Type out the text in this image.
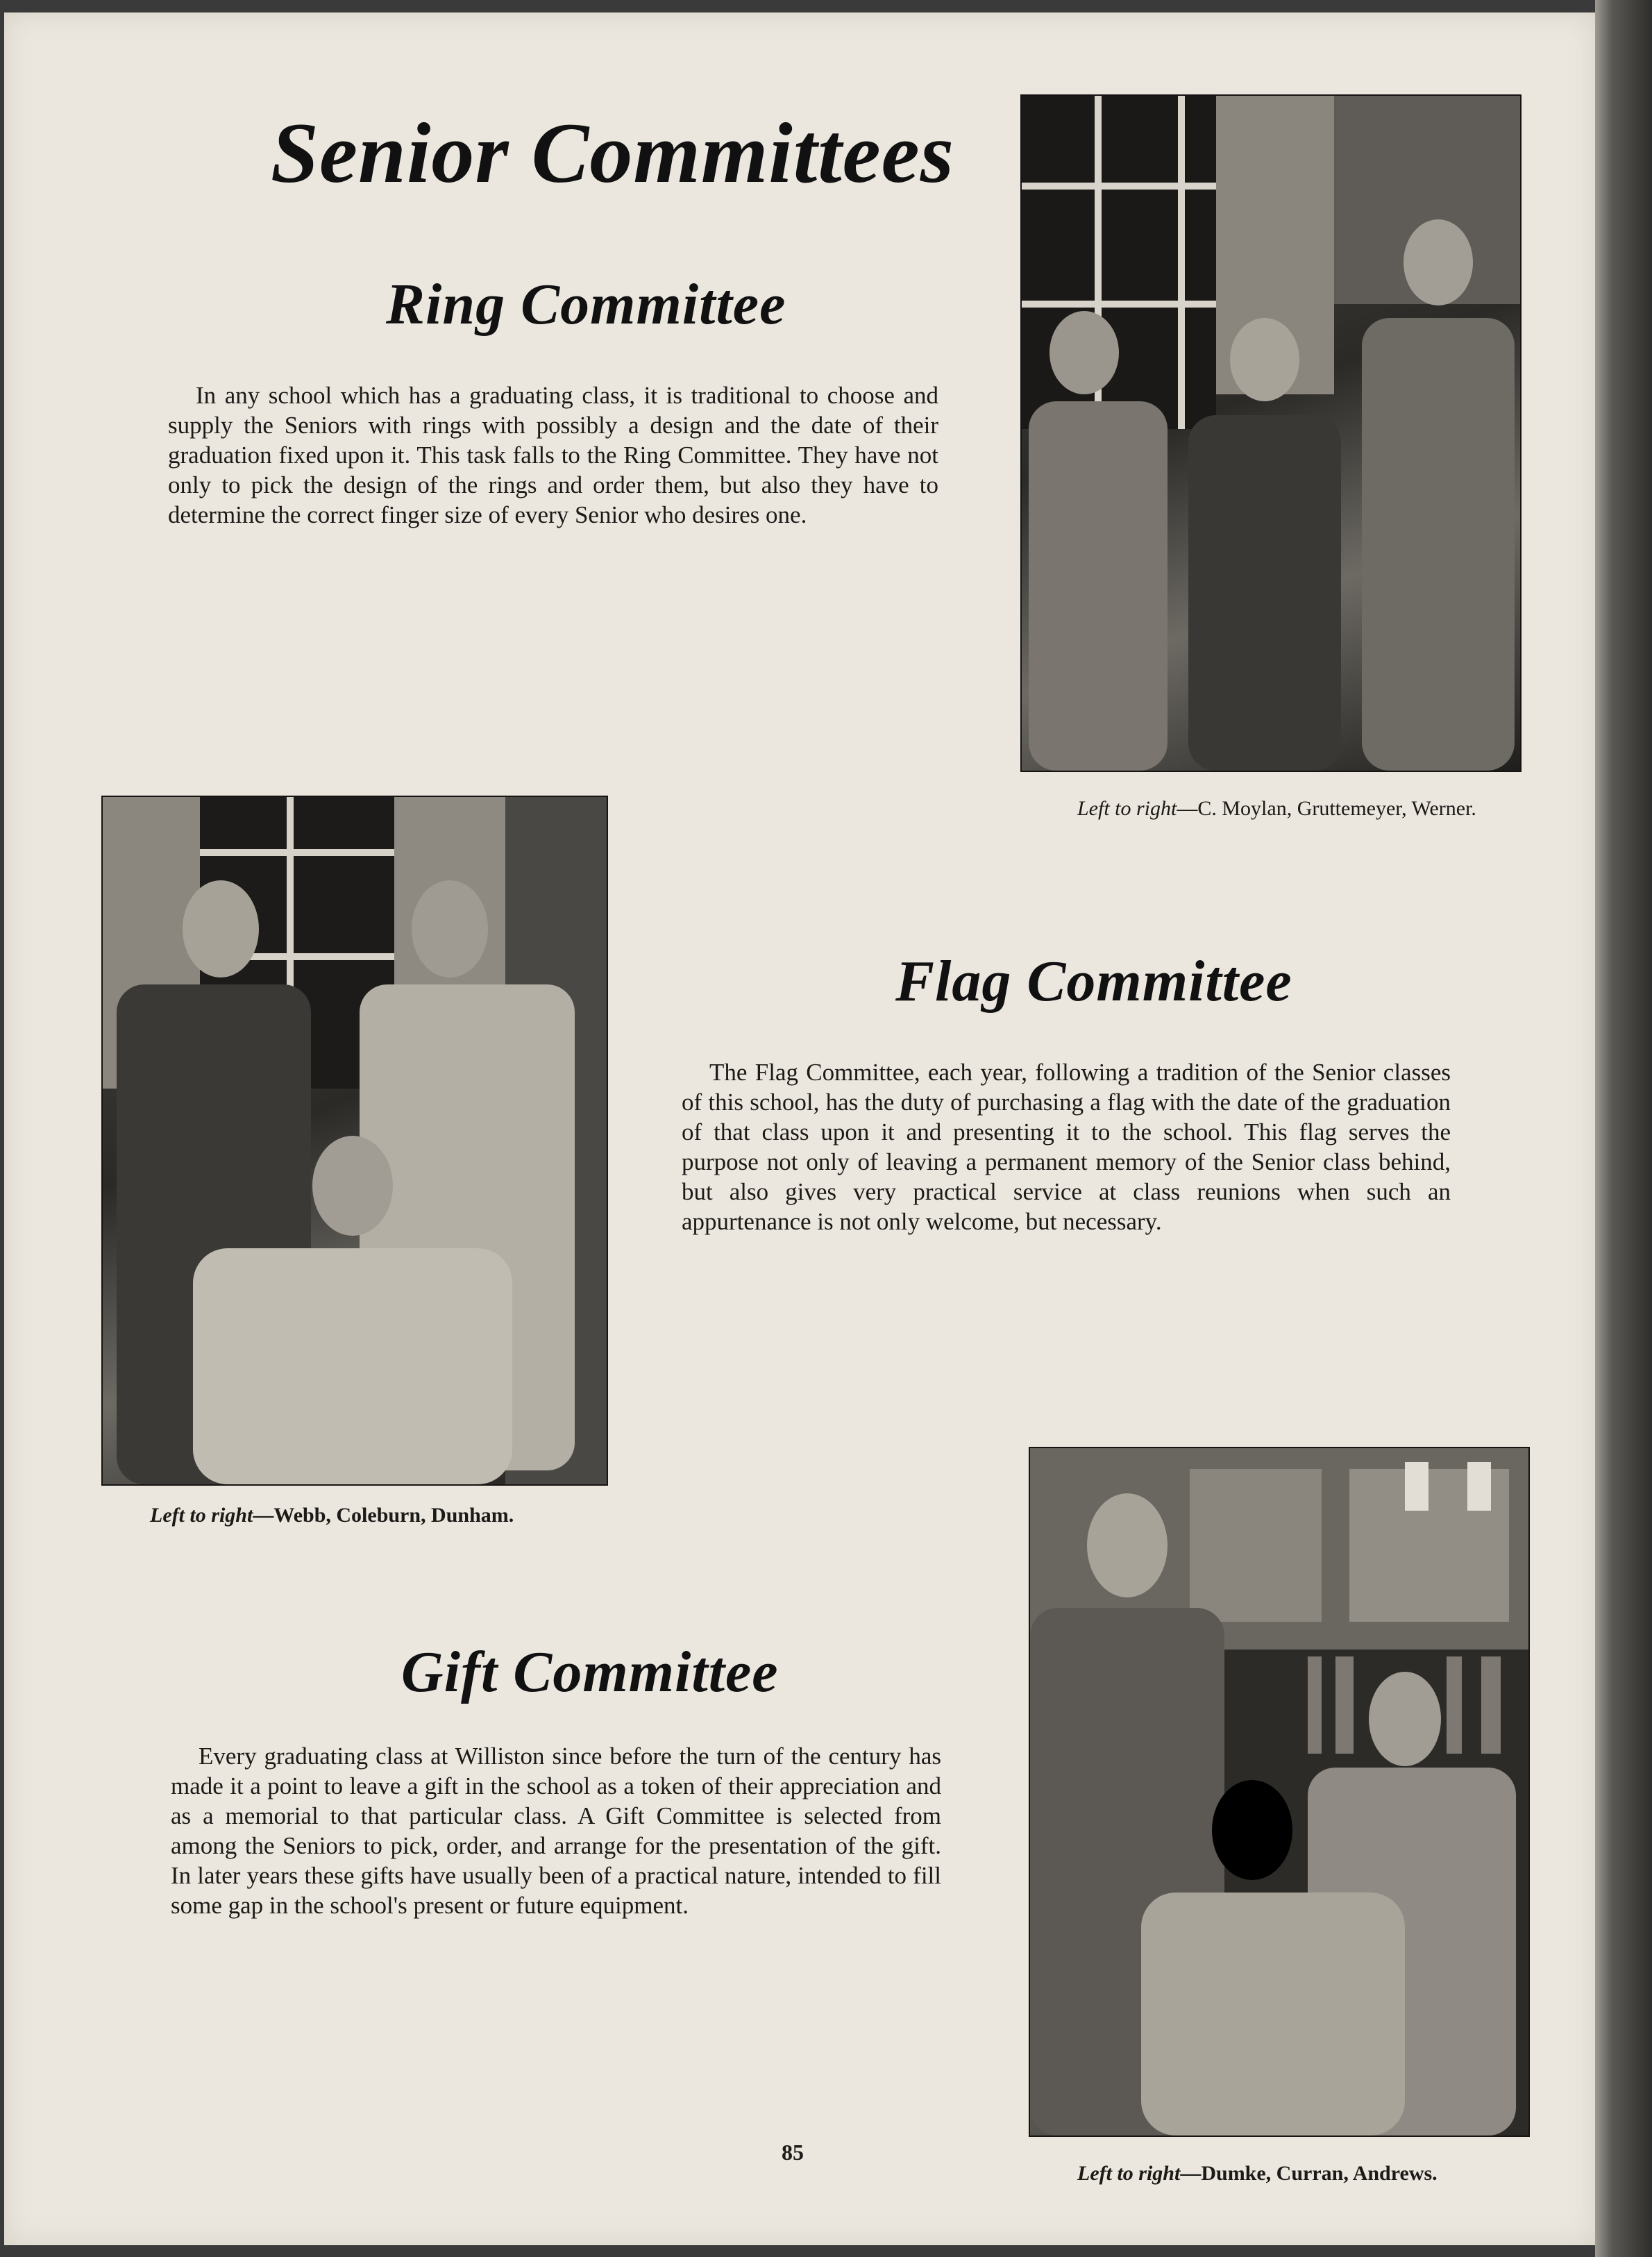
Senior Committees
Ring Committee

In any school which has a graduating class, it is traditional to choose and supply the Seniors with rings with possibly a design and the date of their graduation fixed upon it. This task falls to the Ring Committee. They have not only to pick the design of the rings and order them, but also they have to determine the correct finger size of every Senior who desires one.

Left to right—C. Moylan, Gruttemeyer, Werner.

Left to right—Webb, Coleburn, Dunham.

Flag Committee

The Flag Committee, each year, following a tradition of the Senior classes of this school, has the duty of purchasing a flag with the date of the graduation of that class upon it and presenting it to the school. This flag serves the purpose not only of leaving a permanent memory of the Senior class behind, but also gives very practical service at class reunions when such an appurtenance is not only welcome, but necessary.

Gift Committee

Every graduating class at Williston since before the turn of the century has made it a point to leave a gift in the school as a token of their appreciation and as a memorial to that particular class. A Gift Committee is selected from among the Seniors to pick, order, and arrange for the presentation of the gift. In later years these gifts have usually been of a practical nature, intended to fill some gap in the school's present or future equipment.

Left to right—Dumke, Curran, Andrews.

85
